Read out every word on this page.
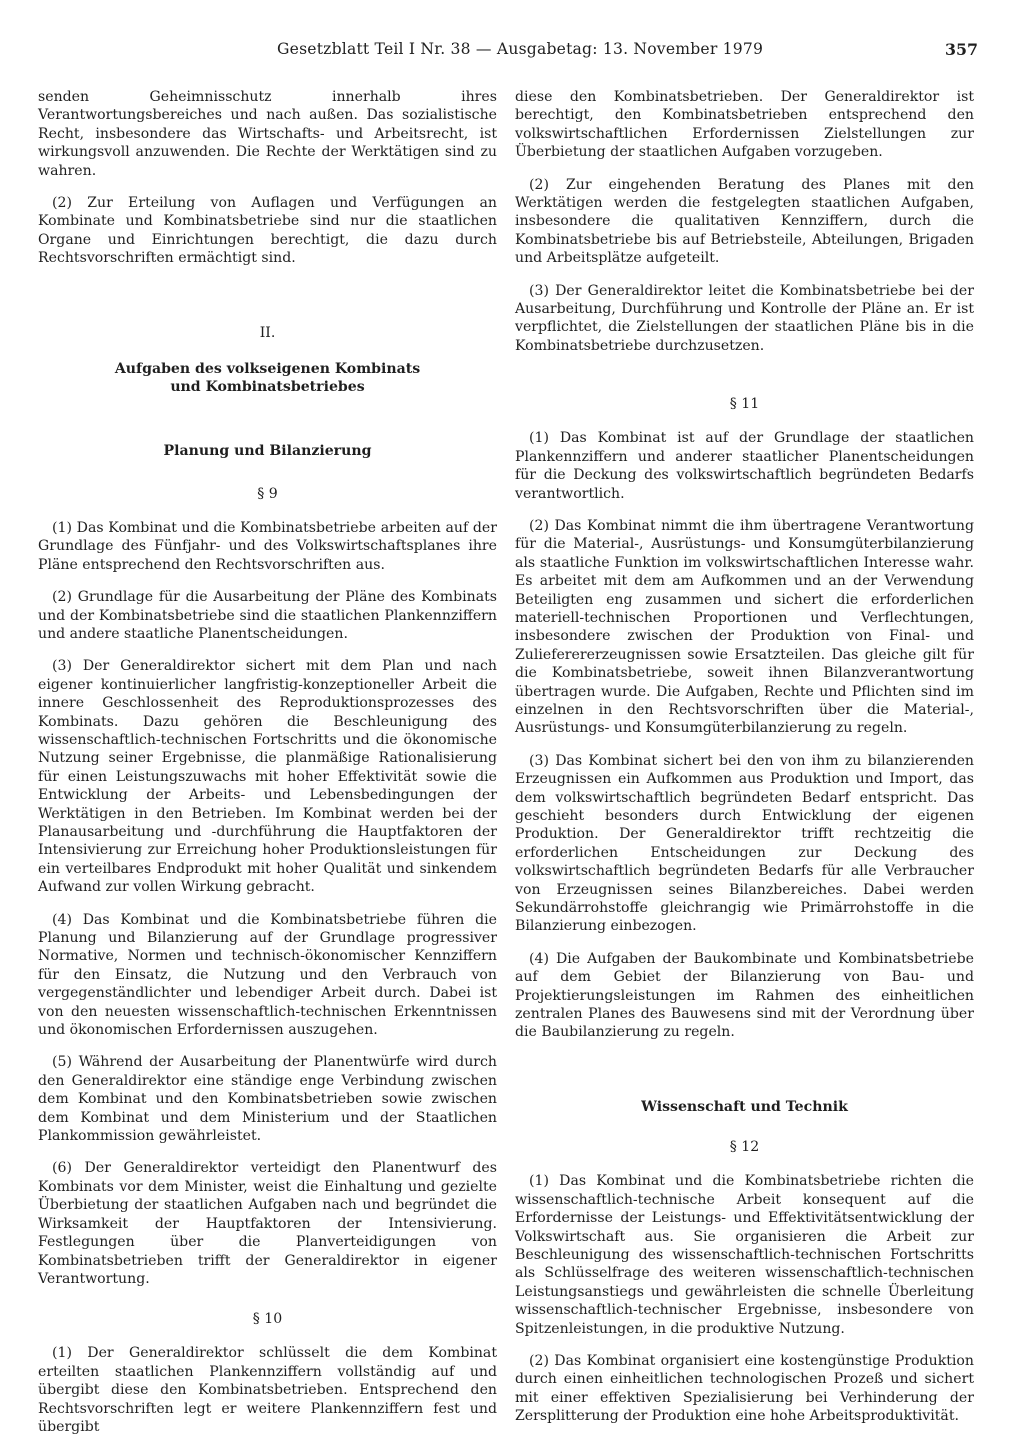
Gesetzblatt Teil I Nr. 38 — Ausgabetag: 13. November 1979	357

senden Geheimnisschutz innerhalb ihres Verantwortungsbereiches und nach außen. Das sozialistische Recht, insbesondere das Wirtschafts- und Arbeitsrecht, ist wirkungsvoll anzuwenden. Die Rechte der Werktätigen sind zu wahren.

(2) Zur Erteilung von Auflagen und Verfügungen an Kombinate und Kombinatsbetriebe sind nur die staatlichen Organe und Einrichtungen berechtigt, die dazu durch Rechtsvorschriften ermächtigt sind.

II.

Aufgaben des volkseigenen Kombinats

und Kombinatsbetriebes

Planung und Bilanzierung

§ 9

(1) Das Kombinat und die Kombinatsbetriebe arbeiten auf der Grundlage des Fünfjahr- und des Volkswirtschaftsplanes ihre Pläne entsprechend den Rechtsvorschriften aus.

(2) Grundlage für die Ausarbeitung der Pläne des Kombinats und der Kombinatsbetriebe sind die staatlichen Plankennziffern und andere staatliche Planentscheidungen.

(3) Der Generaldirektor sichert mit dem Plan und nach eigener kontinuierlicher langfristig-konzeptioneller Arbeit die innere Geschlossenheit des Reproduktionsprozesses des Kombinats. Dazu gehören die Beschleunigung des wissenschaftlich-technischen Fortschritts und die ökonomische Nutzung seiner Ergebnisse, die planmäßige Rationalisierung für einen Leistungszuwachs mit hoher Effektivität sowie die Entwicklung der Arbeits- und Lebensbedingungen der Werktätigen in den Betrieben. Im Kombinat werden bei der Planausarbeitung und -durchführung die Hauptfaktoren der Intensivierung zur Erreichung hoher Produktionsleistungen für ein verteilbares Endprodukt mit hoher Qualität und sinkendem Aufwand zur vollen Wirkung gebracht.

(4) Das Kombinat und die Kombinatsbetriebe führen die Planung und Bilanzierung auf der Grundlage progressiver Normative, Normen und technisch-ökonomischer Kennziffern für den Einsatz, die Nutzung und den Verbrauch von vergegenständlichter und lebendiger Arbeit durch. Dabei ist von den neuesten wissenschaftlich-technischen Erkenntnissen und ökonomischen Erfordernissen auszugehen.

(5) Während der Ausarbeitung der Planentwürfe wird durch den Generaldirektor eine ständige enge Verbindung zwischen dem Kombinat und den Kombinatsbetrieben sowie zwischen dem Kombinat und dem Ministerium und der Staatlichen Plankommission gewährleistet.

(6) Der Generaldirektor verteidigt den Planentwurf des Kombinats vor dem Minister, weist die Einhaltung und gezielte Überbietung der staatlichen Aufgaben nach und begründet die Wirksamkeit der Hauptfaktoren der Intensivierung. Festlegungen über die Planverteidigungen von Kombinatsbetrieben trifft der Generaldirektor in eigener Verantwortung.

§ 10

(1) Der Generaldirektor schlüsselt die dem Kombinat erteilten staatlichen Plankennziffern vollständig auf und übergibt diese den Kombinatsbetrieben. Entsprechend den Rechtsvorschriften legt er weitere Plankennziffern fest und übergibt

diese den Kombinatsbetrieben. Der Generaldirektor ist berechtigt, den Kombinatsbetrieben entsprechend den volkswirtschaftlichen Erfordernissen Zielstellungen zur Überbietung der staatlichen Aufgaben vorzugeben.

(2) Zur eingehenden Beratung des Planes mit den Werktätigen werden die festgelegten staatlichen Aufgaben, insbesondere die qualitativen Kennziffern, durch die Kombinatsbetriebe bis auf Betriebsteile, Abteilungen, Brigaden und Arbeitsplätze aufgeteilt.

(3) Der Generaldirektor leitet die Kombinatsbetriebe bei der Ausarbeitung, Durchführung und Kontrolle der Pläne an. Er ist verpflichtet, die Zielstellungen der staatlichen Pläne bis in die Kombinatsbetriebe durchzusetzen.

§ 11

(1) Das Kombinat ist auf der Grundlage der staatlichen Plankennziffern und anderer staatlicher Planentscheidungen für die Deckung des volkswirtschaftlich begründeten Bedarfs verantwortlich.

(2) Das Kombinat nimmt die ihm übertragene Verantwortung für die Material-, Ausrüstungs- und Konsumgüterbilanzierung als staatliche Funktion im volkswirtschaftlichen Interesse wahr. Es arbeitet mit dem am Aufkommen und an der Verwendung Beteiligten eng zusammen und sichert die erforderlichen materiell-technischen Proportionen und Verflechtungen, insbesondere zwischen der Produktion von Final- und Zulieferererzeugnissen sowie Ersatzteilen. Das gleiche gilt für die Kombinatsbetriebe, soweit ihnen Bilanzverantwortung übertragen wurde. Die Aufgaben, Rechte und Pflichten sind im einzelnen in den Rechtsvorschriften über die Material-, Ausrüstungs- und Konsumgüterbilanzierung zu regeln.

(3) Das Kombinat sichert bei den von ihm zu bilanzierenden Erzeugnissen ein Aufkommen aus Produktion und Import, das dem volkswirtschaftlich begründeten Bedarf entspricht. Das geschieht besonders durch Entwicklung der eigenen Produktion. Der Generaldirektor trifft rechtzeitig die erforderlichen Entscheidungen zur Deckung des volkswirtschaftlich begründeten Bedarfs für alle Verbraucher von Erzeugnissen seines Bilanzbereiches. Dabei werden Sekundärrohstoffe gleichrangig wie Primärrohstoffe in die Bilanzierung einbezogen.

(4) Die Aufgaben der Baukombinate und Kombinatsbetriebe auf dem Gebiet der Bilanzierung von Bau- und Projektierungsleistungen im Rahmen des einheitlichen zentralen Planes des Bauwesens sind mit der Verordnung über die Baubilanzierung zu regeln.

Wissenschaft und Technik

§ 12

(1) Das Kombinat und die Kombinatsbetriebe richten die wissenschaftlich-technische Arbeit konsequent auf die Erfordernisse der Leistungs- und Effektivitätsentwicklung der Volkswirtschaft aus. Sie organisieren die Arbeit zur Beschleunigung des wissenschaftlich-technischen Fortschritts als Schlüsselfrage des weiteren wissenschaftlich-technischen Leistungsanstiegs und gewährleisten die schnelle Überleitung wissenschaftlich-technischer Ergebnisse, insbesondere von Spitzenleistungen, in die produktive Nutzung.

(2) Das Kombinat organisiert eine kostengünstige Produktion durch einen einheitlichen technologischen Prozeß und sichert mit einer effektiven Spezialisierung bei Verhinderung der Zersplitterung der Produktion eine hohe Arbeitsproduktivität.
